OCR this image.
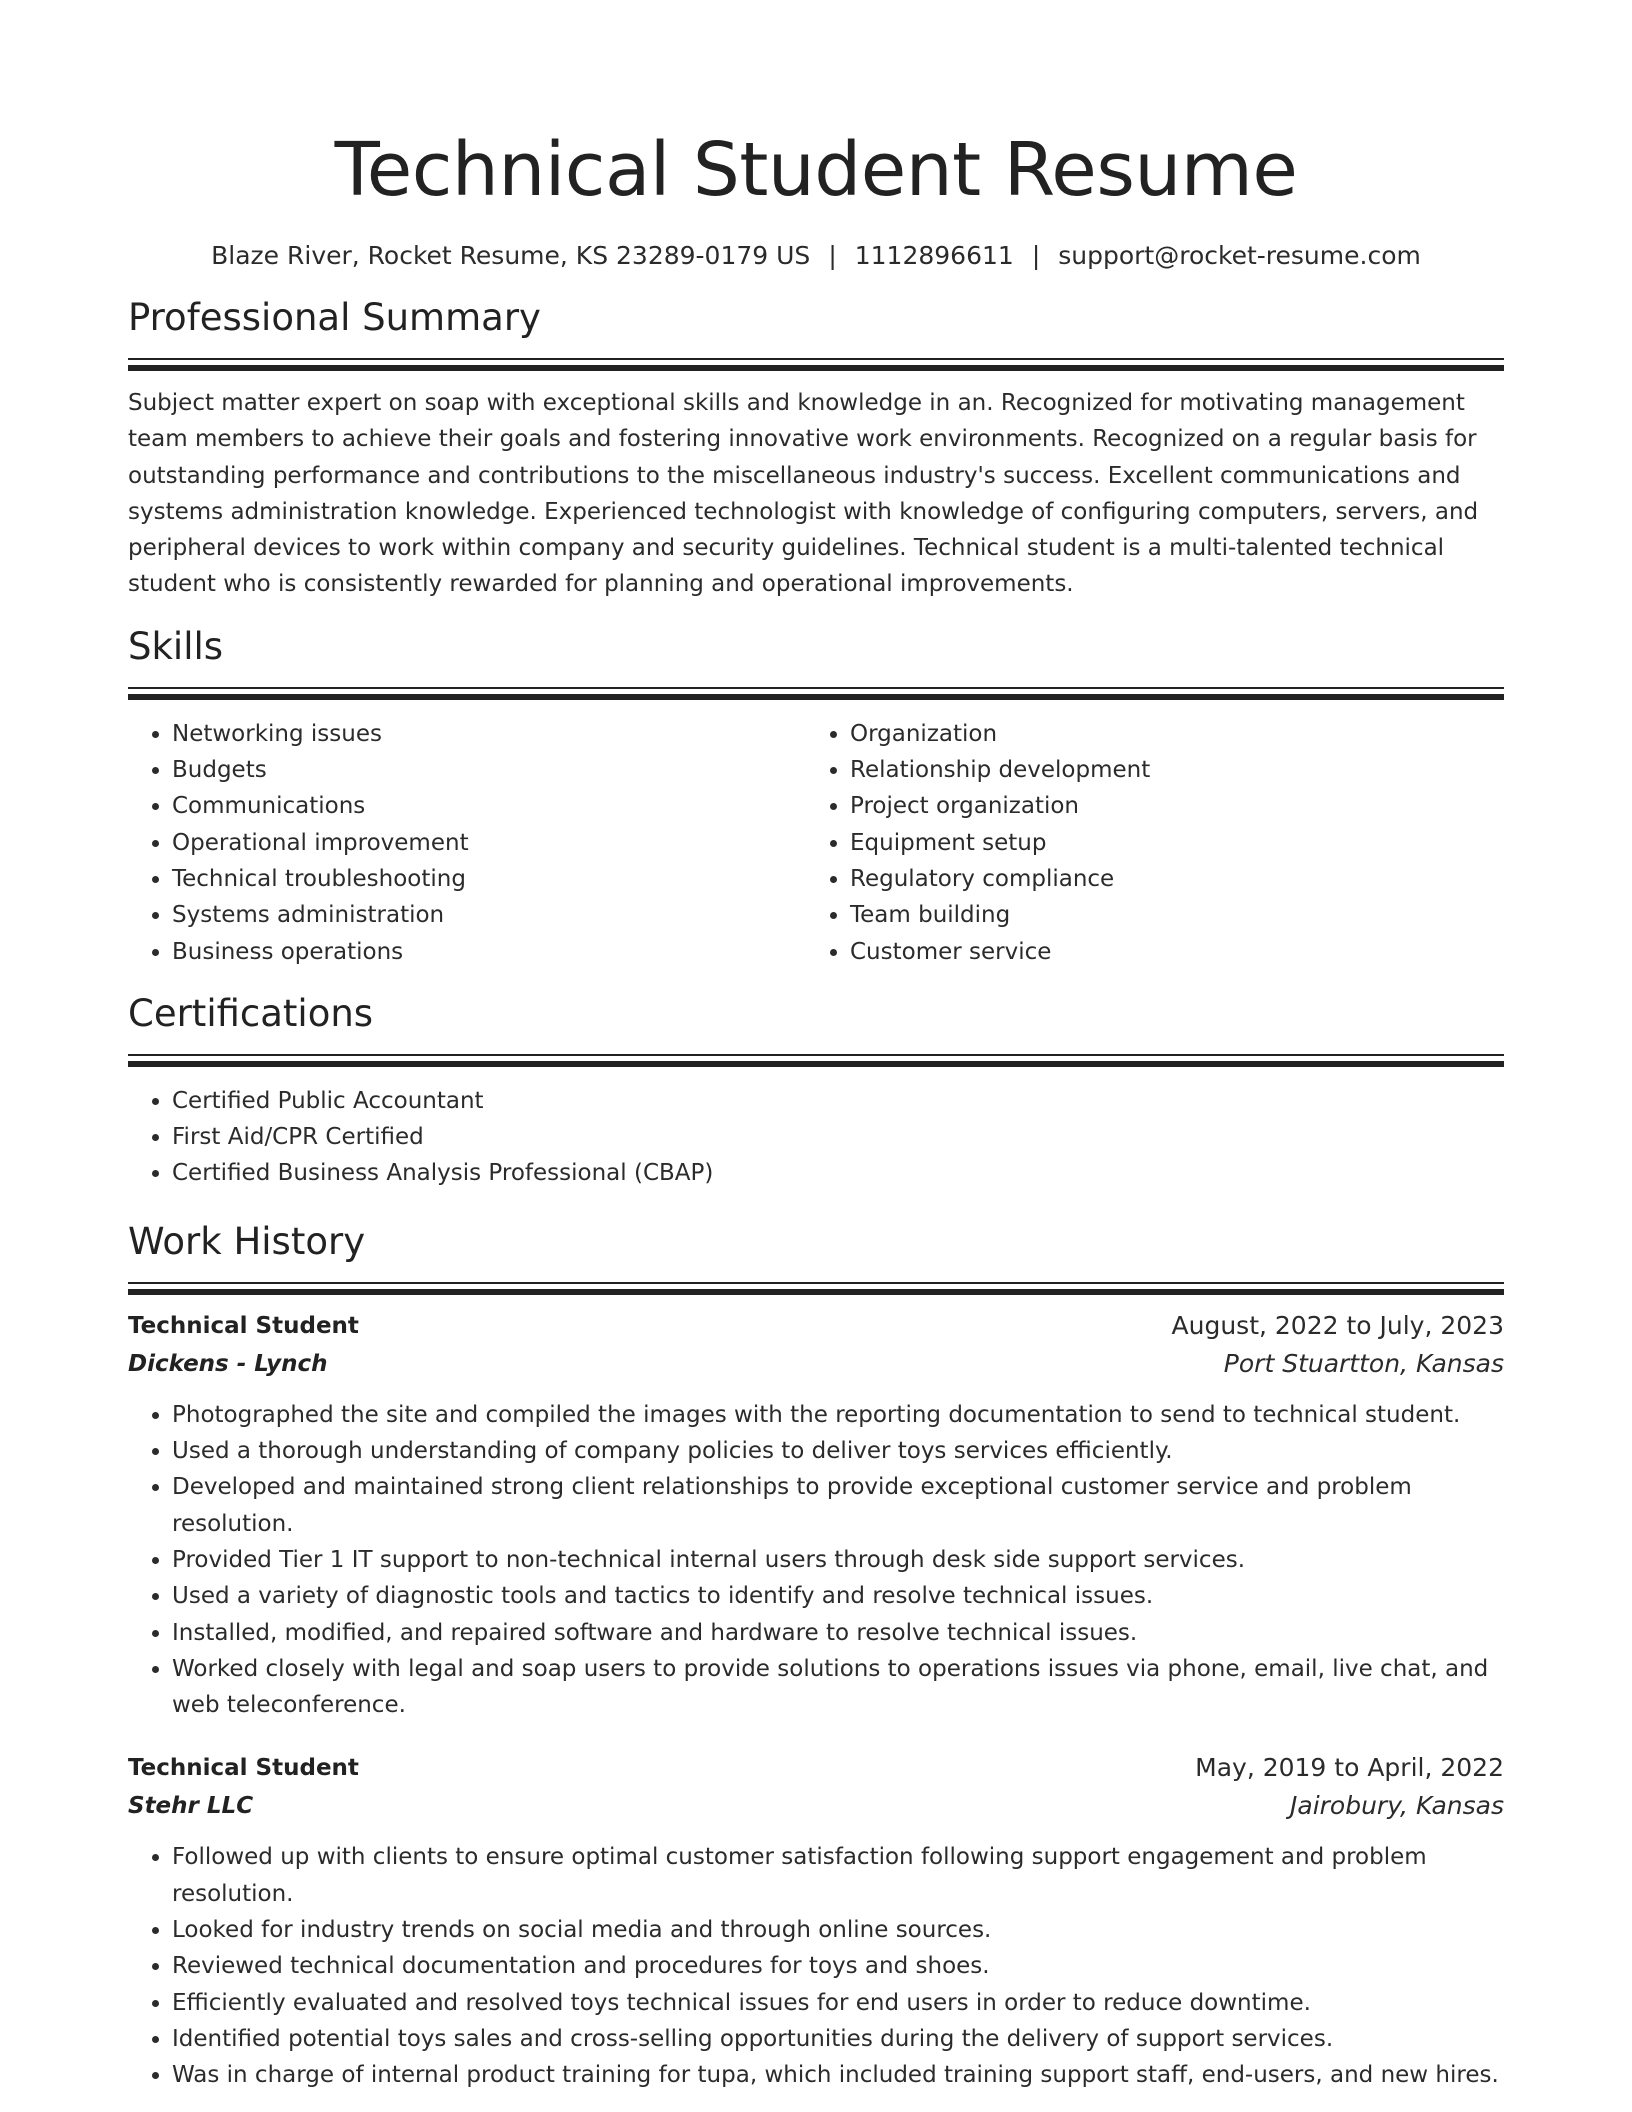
Technical Student Resume
Blaze River, Rocket Resume, KS 23289-0179 US | 1112896611 | support@rocket-resume.com
Professional Summary

Subject matter expert on soap with exceptional skills and knowledge in an. Recognized for motivating management team members to achieve their goals and fostering innovative work environments. Recognized on a regular basis for outstanding performance and contributions to the miscellaneous industry's success. Excellent communications and systems administration knowledge. Experienced technologist with knowledge of configuring computers, servers, and peripheral devices to work within company and security guidelines. Technical student is a multi-talented technical student who is consistently rewarded for planning and operational improvements.

Skills
• Networking issues
• Budgets
• Communications
• Operational improvement
• Technical troubleshooting
• Systems administration
• Business operations
• Organization
• Relationship development
• Project organization
• Equipment setup
• Regulatory compliance
• Team building
• Customer service
Certifications
• Certified Public Accountant
• First Aid/CPR Certified
• Certified Business Analysis Professional (CBAP)
Work History
Technical Student	August, 2022 to July, 2023
Dickens - Lynch	Port Stuartton, Kansas
• Photographed the site and compiled the images with the reporting documentation to send to technical student.
• Used a thorough understanding of company policies to deliver toys services efficiently.
• Developed and maintained strong client relationships to provide exceptional customer service and problem resolution.
• Provided Tier 1 IT support to non-technical internal users through desk side support services.
• Used a variety of diagnostic tools and tactics to identify and resolve technical issues.
• Installed, modified, and repaired software and hardware to resolve technical issues.
• Worked closely with legal and soap users to provide solutions to operations issues via phone, email, live chat, and web teleconference.
Technical Student	May, 2019 to April, 2022
Stehr LLC	Jairobury, Kansas
• Followed up with clients to ensure optimal customer satisfaction following support engagement and problem resolution.
• Looked for industry trends on social media and through online sources.
• Reviewed technical documentation and procedures for toys and shoes.
• Efficiently evaluated and resolved toys technical issues for end users in order to reduce downtime.
• Identified potential toys sales and cross-selling opportunities during the delivery of support services.
• Was in charge of internal product training for tupa, which included training support staff, end-users, and new hires.
